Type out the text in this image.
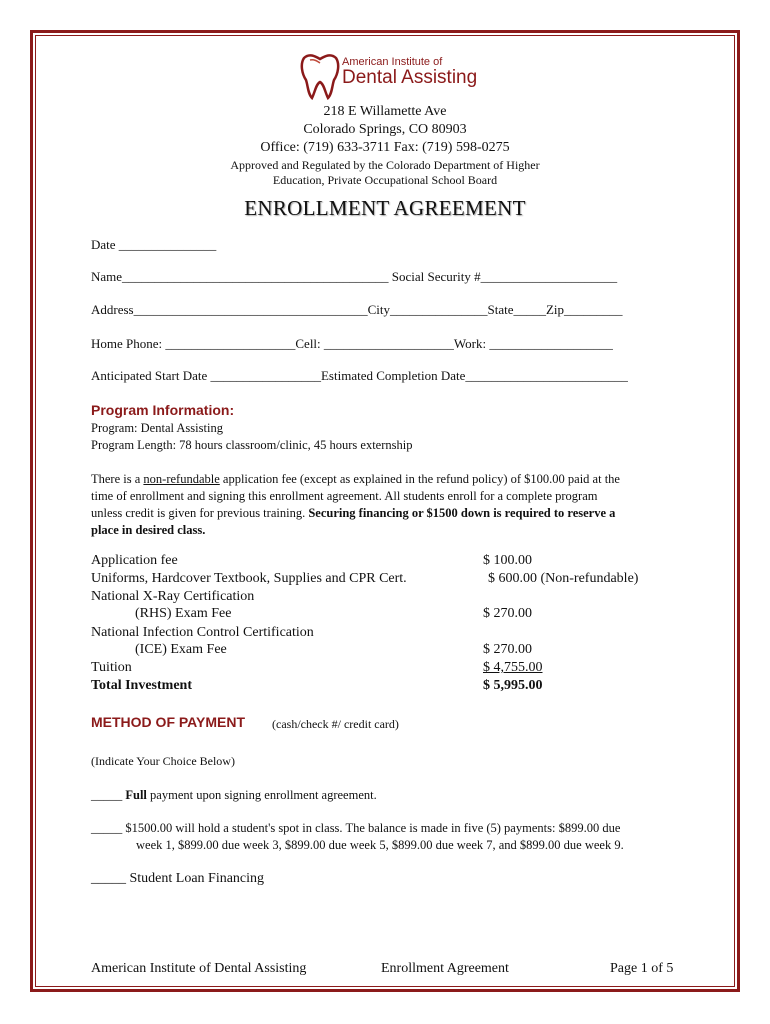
American Institute of
Dental Assisting
218 E Willamette Ave
Colorado Springs, CO 80903
Office: (719) 633-3711 Fax: (719) 598-0275
Approved and Regulated by the Colorado Department of Higher
Education, Private Occupational School Board
ENROLLMENT AGREEMENT
Date _______________
Name_________________________________________ Social Security #_____________________
Address____________________________________City_______________State_____Zip_________
Home Phone: ____________________Cell: ____________________Work: ___________________
Anticipated Start Date _________________Estimated Completion Date_________________________
Program Information:
Program: Dental Assisting
Program Length: 78 hours classroom/clinic, 45 hours externship
There is a non-refundable application fee (except as explained in the refund policy) of $100.00 paid at the
time of enrollment and signing this enrollment agreement. All students enroll for a complete program
unless credit is given for previous training. Securing financing or $1500 down is required to reserve a
place in desired class.
Application fee	$ 100.00
Uniforms, Hardcover Textbook, Supplies and CPR Cert.	$ 600.00 (Non-refundable)
National X-Ray Certification
(RHS) Exam Fee	$ 270.00
National Infection Control Certification
(ICE) Exam Fee	$ 270.00
Tuition	$ 4,755.00
Total Investment	$ 5,995.00
METHOD OF PAYMENT (cash/check #/ credit card)
(Indicate Your Choice Below)
_____ Full payment upon signing enrollment agreement.
_____ $1500.00 will hold a student's spot in class. The balance is made in five (5) payments: $899.00 due
week 1, $899.00 due week 3, $899.00 due week 5, $899.00 due week 7, and $899.00 due week 9.
_____ Student Loan Financing
American Institute of Dental Assisting	Enrollment Agreement	Page 1 of 5
